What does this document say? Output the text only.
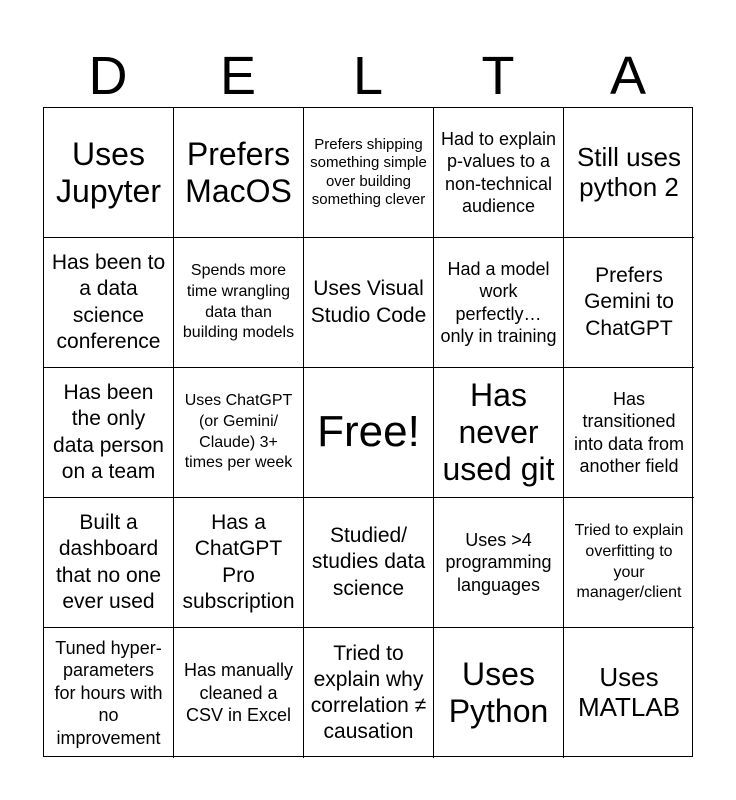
D	E	L	T	A
Uses Jupyter
Prefers MacOS
Prefers shipping something simple over building something clever
Had to explain p-values to a non-technical audience
Still uses python 2
Has been to a data science conference
Spends more time wrangling data than building models
Uses Visual Studio Code
Had a model work perfectly… only in training
Prefers Gemini to ChatGPT
Has been the only data person on a team
Uses ChatGPT (or Gemini/ Claude) 3+ times per week
Free!
Has never used git
Has transitioned into data from another field
Built a dashboard that no one ever used
Has a ChatGPT Pro subscription
Studied/ studies data science
Uses >4 programming languages
Tried to explain overfitting to your manager/client
Tuned hyper-parameters for hours with no improvement
Has manually cleaned a CSV in Excel
Tried to explain why correlation ≠ causation
Uses Python
Uses MATLAB
